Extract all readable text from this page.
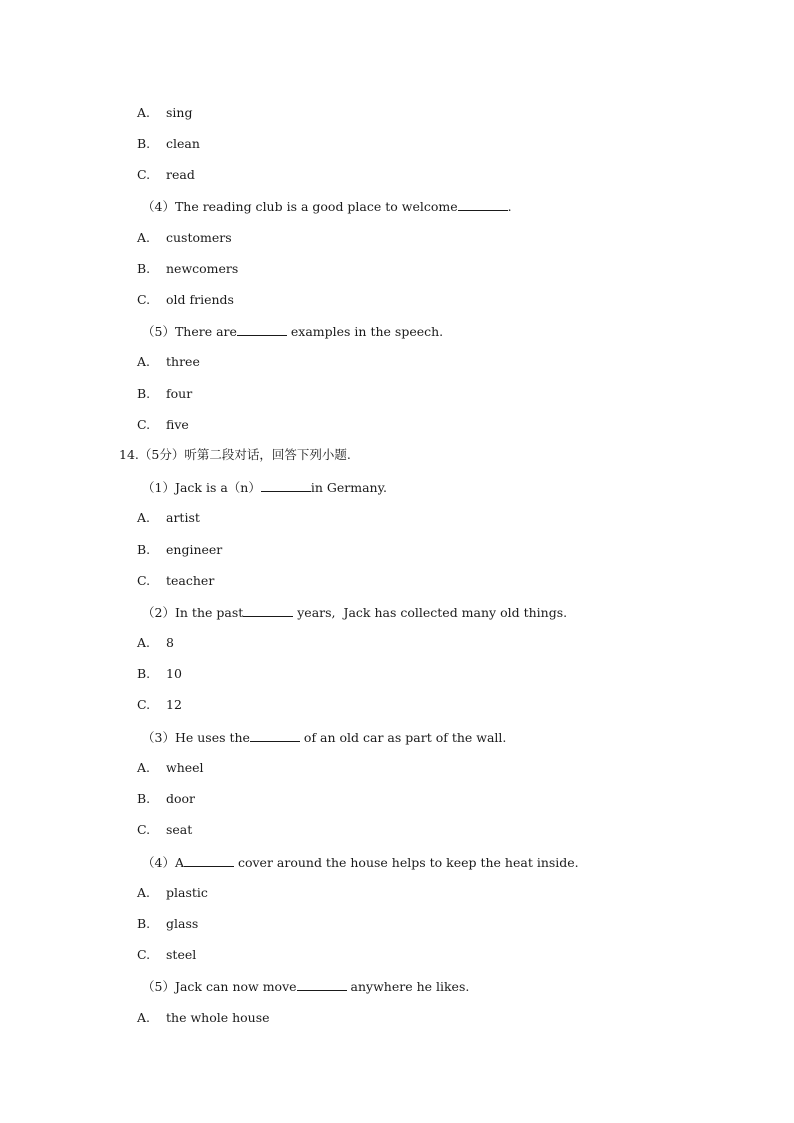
A. sing
B. clean
C. read
（4）The reading club is a good place to welcome	.
A. customers
B. newcomers
C. old friends
（5）There are	examples in the speech.
A. three
B. four
C. five
14.（5分）听第二段对话，回答下列小题.
（1）Jack is a（n）	in Germany.
A. artist
B. engineer
C. teacher
（2）In the past	years,  Jack has collected many old things.
A. 8
B. 10
C. 12
（3）He uses the	of an old car as part of the wall.
A. wheel
B. door
C. seat
（4）A	cover around the house helps to keep the heat inside.
A. plastic
B. glass
C. steel
（5）Jack can now move	anywhere he likes.
A. the whole house
